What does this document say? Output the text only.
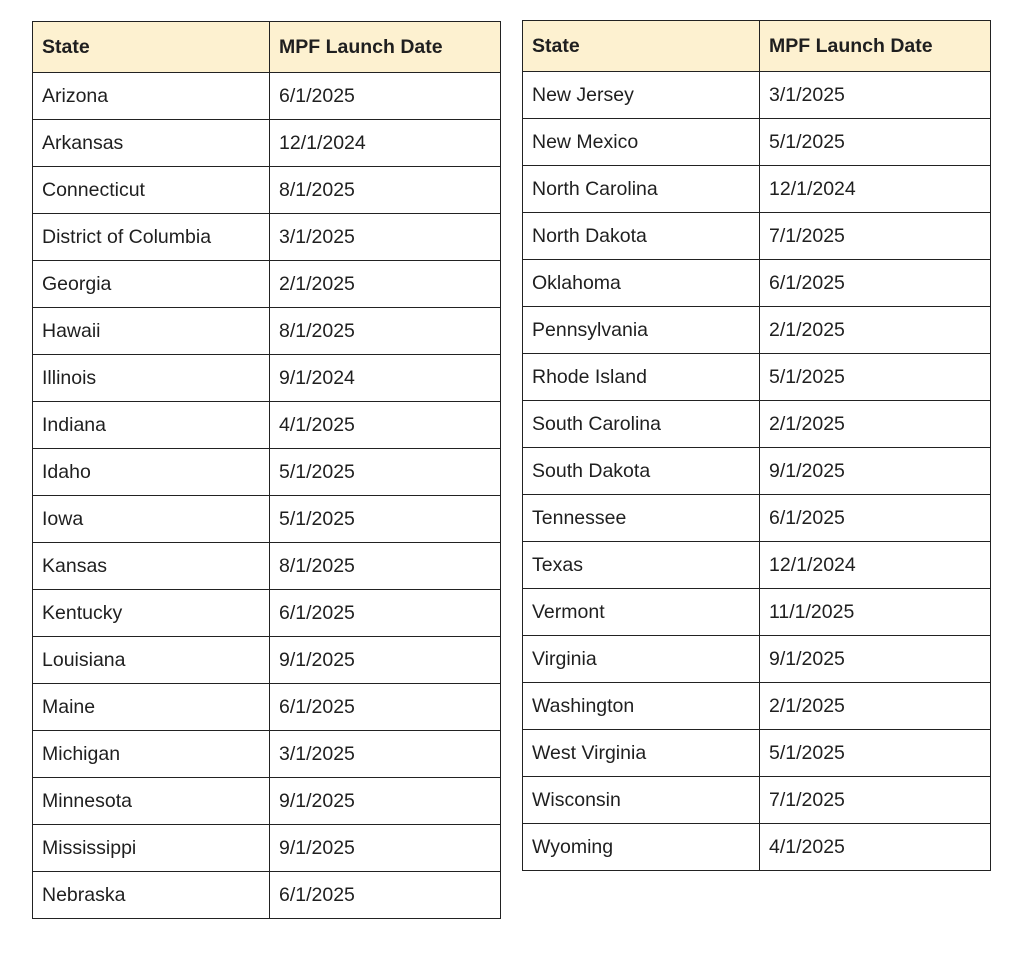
State	MPF Launch Date
Arizona	6/1/2025
Arkansas	12/1/2024
Connecticut	8/1/2025
District of Columbia	3/1/2025
Georgia	2/1/2025
Hawaii	8/1/2025
Illinois	9/1/2024
Indiana	4/1/2025
Idaho	5/1/2025
Iowa	5/1/2025
Kansas	8/1/2025
Kentucky	6/1/2025
Louisiana	9/1/2025
Maine	6/1/2025
Michigan	3/1/2025
Minnesota	9/1/2025
Mississippi	9/1/2025
Nebraska	6/1/2025
State	MPF Launch Date
New Jersey	3/1/2025
New Mexico	5/1/2025
North Carolina	12/1/2024
North Dakota	7/1/2025
Oklahoma	6/1/2025
Pennsylvania	2/1/2025
Rhode Island	5/1/2025
South Carolina	2/1/2025
South Dakota	9/1/2025
Tennessee	6/1/2025
Texas	12/1/2024
Vermont	11/1/2025
Virginia	9/1/2025
Washington	2/1/2025
West Virginia	5/1/2025
Wisconsin	7/1/2025
Wyoming	4/1/2025
